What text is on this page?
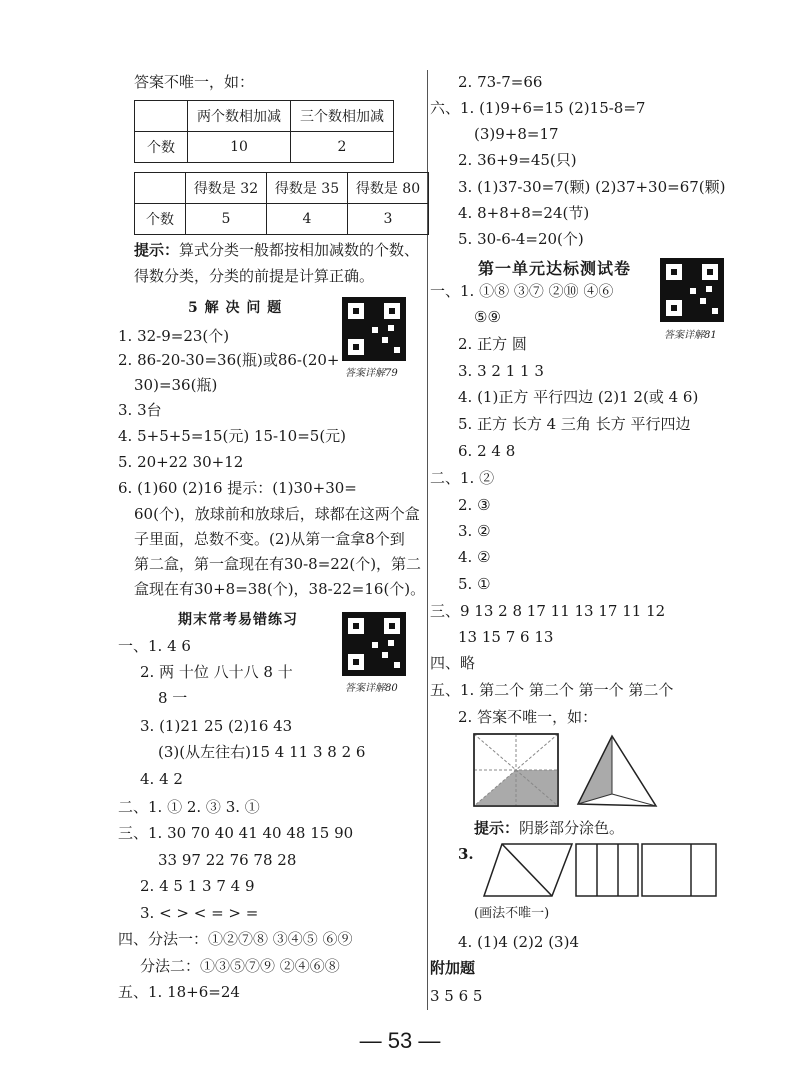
答案不唯一，如：
	两个数相加减	三个数相加减
个数	10	2
	得数是 32	得数是 35	得数是 80
个数	5	4	3
提示：算式分类一般都按相加减数的个数、
得数分类，分类的前提是计算正确。
5 解 决 问 题
1. 32-9=23(个)
2. 86-20-30=36(瓶)或86-(20+
30)=36(瓶)
3. 3台
4. 5+5+5=15(元) 15-10=5(元)
5. 20+22 30+12
6. (1)60 (2)16 提示：(1)30+30=
60(个)，放球前和放球后，球都在这两个盒
子里面，总数不变。(2)从第一盒拿8个到
第二盒，第一盒现在有30-8=22(个)，第二
盒现在有30+8=38(个)，38-22=16(个)。
答案详解79
期末常考易错练习
答案详解80
一、1. 4 6
2. 两 十位 八十八 8 十
8 一
3. (1)21 25 (2)16 43
(3)(从左往右)15 4 11 3 8 2 6
4. 4 2
二、1. ① 2. ③ 3. ①
三、1. 30 70 40 41 40 48 15 90
33 97 22 76 78 28
2. 4 5 1 3 7 4 9
3. < > < = > =
四、分法一：①②⑦⑧ ③④⑤ ⑥⑨
分法二：①③⑤⑦⑨ ②④⑥⑧
五、1. 18+6=24
2. 73-7=66
六、1. (1)9+6=15 (2)15-8=7
(3)9+8=17
2. 36+9=45(只)
3. (1)37-30=7(颗) (2)37+30=67(颗)
4. 8+8+8=24(节)
5. 30-6-4=20(个)
第一单元达标测试卷
答案详解81
一、1. ①⑧ ③⑦ ②⑩ ④⑥
⑤⑨
2. 正方 圆
3. 3 2 1 1 3
4. (1)正方 平行四边 (2)1 2(或 4 6)
5. 正方 长方 4 三角 长方 平行四边
6. 2 4 8
二、1. ②
2. ③
3. ②
4. ②
5. ①
三、9 13 2 8 17 11 13 17 11 12
13 15 7 6 13
四、略
五、1. 第二个 第二个 第一个 第二个
2. 答案不唯一，如：
提示：阴影部分涂色。
3.
(画法不唯一)
4. (1)4 (2)2 (3)4
附加题
3 5 6 5
— 53 —
